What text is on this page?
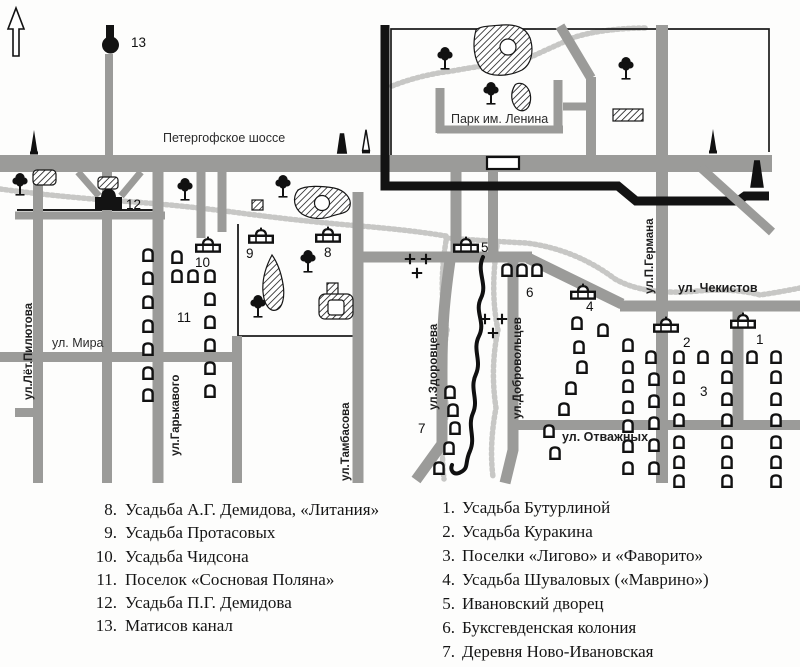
Петергофское шоссе
Парк им. Ленина
ул. Мира
ул.Лёт.Пилютова
ул.Гарькавого	ул.Тамбасова
ул.Здоровцева	ул.Добровольцев
ул.П.Германа ул. Чекистов
ул. Отважных
1
2
3
4
5
6
7
8
9
10
11
12
13
8. Усадьба А.Г. Демидова, «Литания»
9. Усадьба Протасовых
10. Усадьба Чидсона
11. Поселок «Сосновая Поляна»
12. Усадьба П.Г. Демидова
13. Матисов канал
1. Усадьба Бутурлиной
2. Усадьба Куракина
3. Поселки «Лигово» и «Фаворито»
4. Усадьба Шуваловых («Маврино»)
5. Ивановский дворец
6. Буксгевденская колония
7. Деревня Ново-Ивановская
